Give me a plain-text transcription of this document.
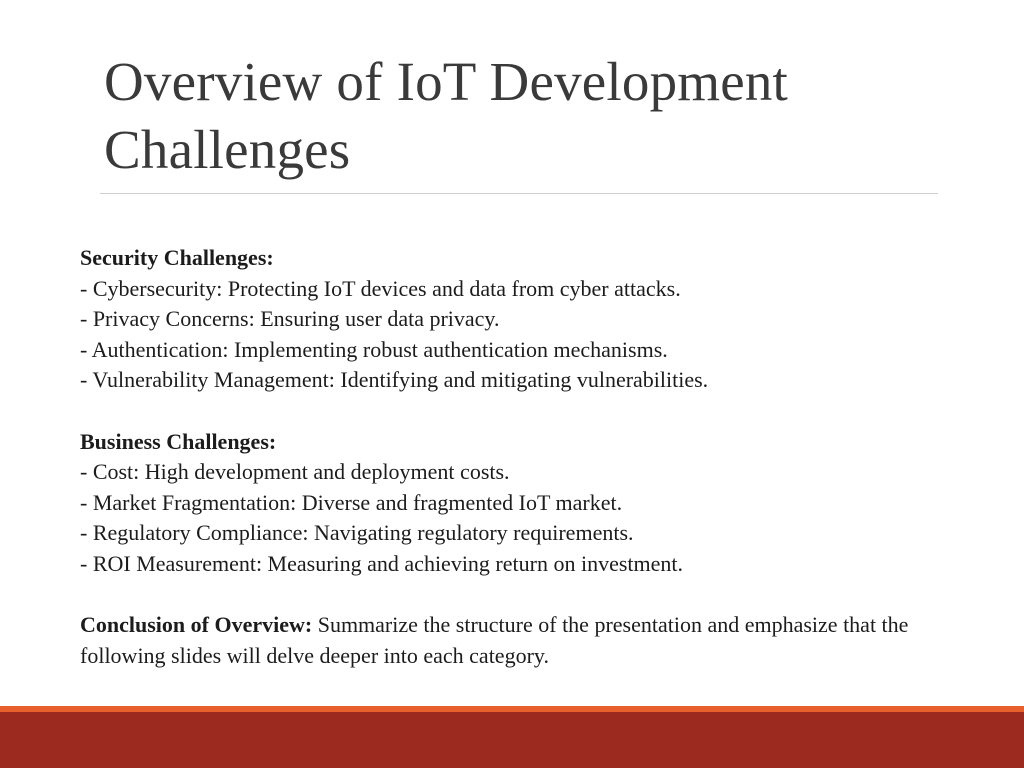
Overview of IoT Development Challenges
Security Challenges:
- Cybersecurity: Protecting IoT devices and data from cyber attacks.
- Privacy Concerns: Ensuring user data privacy.
- Authentication: Implementing robust authentication mechanisms.
- Vulnerability Management: Identifying and mitigating vulnerabilities.
Business Challenges:
- Cost: High development and deployment costs.
- Market Fragmentation: Diverse and fragmented IoT market.
- Regulatory Compliance: Navigating regulatory requirements.
- ROI Measurement: Measuring and achieving return on investment.
Conclusion of Overview: Summarize the structure of the presentation and emphasize that the following slides will delve deeper into each category.
